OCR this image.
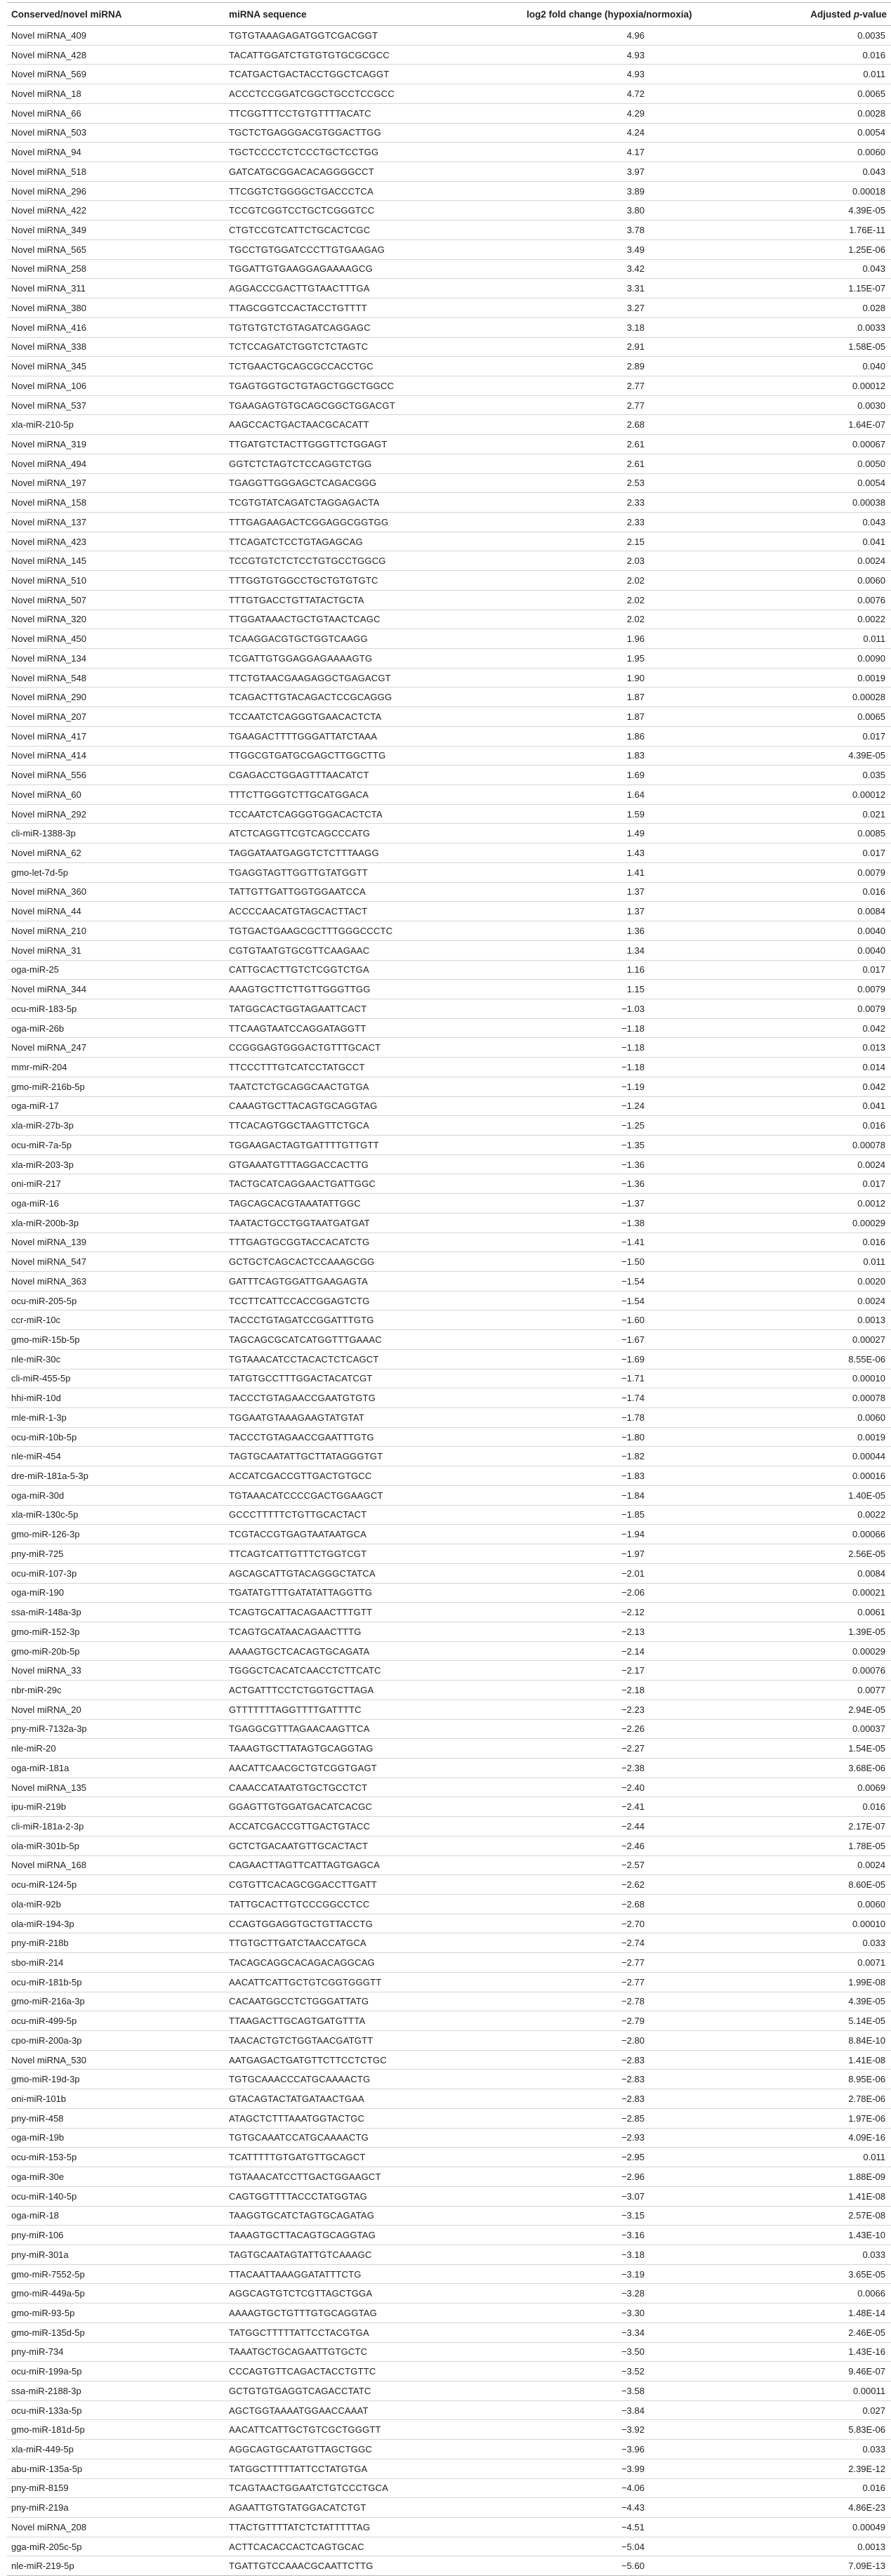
Conserved/novel miRNA	miRNA sequence	log2 fold change (hypoxia/normoxia)	Adjusted p-value
Novel miRNA_409	TGTGTAAAGAGATGGTCGACGGT	4.96	0.0035
Novel miRNA_428	TACATTGGATCTGTGTGTGCGCGCC	4.93	0.016
Novel miRNA_569	TCATGACTGACTACCTGGCTCAGGT	4.93	0.011
Novel miRNA_18	ACCCTCCGGATCGGCTGCCTCCGCC	4.72	0.0065
Novel miRNA_66	TTCGGTTTCCTGTGTTTTACATC	4.29	0.0028
Novel miRNA_503	TGCTCTGAGGGACGTGGACTTGG	4.24	0.0054
Novel miRNA_94	TGCTCCCCTCTCCCTGCTCCTGG	4.17	0.0060
Novel miRNA_518	GATCATGCGGACACAGGGGCCT	3.97	0.043
Novel miRNA_296	TTCGGTCTGGGGCTGACCCTCA	3.89	0.00018
Novel miRNA_422	TCCGTCGGTCCTGCTCGGGTCC	3.80	4.39E-05
Novel miRNA_349	CTGTCCGTCATTCTGCACTCGC	3.78	1.76E-11
Novel miRNA_565	TGCCTGTGGATCCCTTGTGAAGAG	3.49	1.25E-06
Novel miRNA_258	TGGATTGTGAAGGAGAAAAGCG	3.42	0.043
Novel miRNA_311	AGGACCCGACTTGTAACTTTGA	3.31	1.15E-07
Novel miRNA_380	TTAGCGGTCCACTACCTGTTTT	3.27	0.028
Novel miRNA_416	TGTGTGTCTGTAGATCAGGAGC	3.18	0.0033
Novel miRNA_338	TCTCCAGATCTGGTCTCTAGTC	2.91	1.58E-05
Novel miRNA_345	TCTGAACTGCAGCGCCACCTGC	2.89	0.040
Novel miRNA_106	TGAGTGGTGCTGTAGCTGGCTGGCC	2.77	0.00012
Novel miRNA_537	TGAAGAGTGTGCAGCGGCTGGACGT	2.77	0.0030
xla-miR-210-5p	AAGCCACTGACTAACGCACATT	2.68	1.64E-07
Novel miRNA_319	TTGATGTCTACTTGGGTTCTGGAGT	2.61	0.00067
Novel miRNA_494	GGTCTCTAGTCTCCAGGTCTGG	2.61	0.0050
Novel miRNA_197	TGAGGTTGGGAGCTCAGACGGG	2.53	0.0054
Novel miRNA_158	TCGTGTATCAGATCTAGGAGACTA	2.33	0.00038
Novel miRNA_137	TTTGAGAAGACTCGGAGGCGGTGG	2.33	0.043
Novel miRNA_423	TTCAGATCTCCTGTAGAGCAG	2.15	0.041
Novel miRNA_145	TCCGTGTCTCTCCTGTGCCTGGCG	2.03	0.0024
Novel miRNA_510	TTTGGTGTGGCCTGCTGTGTGTC	2.02	0.0060
Novel miRNA_507	TTTGTGACCTGTTATACTGCTA	2.02	0.0076
Novel miRNA_320	TTGGATAAACTGCTGTAACTCAGC	2.02	0.0022
Novel miRNA_450	TCAAGGACGTGCTGGTCAAGG	1.96	0.011
Novel miRNA_134	TCGATTGTGGAGGAGAAAAGTG	1.95	0.0090
Novel miRNA_548	TTCTGTAACGAAGAGGCTGAGACGT	1.90	0.0019
Novel miRNA_290	TCAGACTTGTACAGACTCCGCAGGG	1.87	0.00028
Novel miRNA_207	TCCAATCTCAGGGTGAACACTCTA	1.87	0.0065
Novel miRNA_417	TGAAGACTTTTGGGATTATCTAAA	1.86	0.017
Novel miRNA_414	TTGGCGTGATGCGAGCTTGGCTTG	1.83	4.39E-05
Novel miRNA_556	CGAGACCTGGAGTTTAACATCT	1.69	0.035
Novel miRNA_60	TTTCTTGGGTCTTGCATGGACA	1.64	0.00012
Novel miRNA_292	TCCAATCTCAGGGTGGACACTCTA	1.59	0.021
cli-miR-1388-3p	ATCTCAGGTTCGTCAGCCCATG	1.49	0.0085
Novel miRNA_62	TAGGATAATGAGGTCTCTTTAAGG	1.43	0.017
gmo-let-7d-5p	TGAGGTAGTTGGTTGTATGGTT	1.41	0.0079
Novel miRNA_360	TATTGTTGATTGGTGGAATCCA	1.37	0.016
Novel miRNA_44	ACCCCAACATGTAGCACTTACT	1.37	0.0084
Novel miRNA_210	TGTGACTGAAGCGCTTTGGGCCCTC	1.36	0.0040
Novel miRNA_31	CGTGTAATGTGCGTTCAAGAAC	1.34	0.0040
oga-miR-25	CATTGCACTTGTCTCGGTCTGA	1.16	0.017
Novel miRNA_344	AAAGTGCTTCTTGTTGGGTTGG	1.15	0.0079
ocu-miR-183-5p	TATGGCACTGGTAGAATTCACT	−1.03	0.0079
oga-miR-26b	TTCAAGTAATCCAGGATAGGTT	−1.18	0.042
Novel miRNA_247	CCGGGAGTGGGACTGTTTGCACT	−1.18	0.013
mmr-miR-204	TTCCCTTTGTCATCCTATGCCT	−1.18	0.014
gmo-miR-216b-5p	TAATCTCTGCAGGCAACTGTGA	−1.19	0.042
oga-miR-17	CAAAGTGCTTACAGTGCAGGTAG	−1.24	0.041
xla-miR-27b-3p	TTCACAGTGGCTAAGTTCTGCA	−1.25	0.016
ocu-miR-7a-5p	TGGAAGACTAGTGATTTTGTTGTT	−1.35	0.00078
xla-miR-203-3p	GTGAAATGTTTAGGACCACTTG	−1.36	0.0024
oni-miR-217	TACTGCATCAGGAACTGATTGGC	−1.36	0.017
oga-miR-16	TAGCAGCACGTAAATATTGGC	−1.37	0.0012
xla-miR-200b-3p	TAATACTGCCTGGTAATGATGAT	−1.38	0.00029
Novel miRNA_139	TTTGAGTGCGGTACCACATCTG	−1.41	0.016
Novel miRNA_547	GCTGCTCAGCACTCCAAAGCGG	−1.50	0.011
Novel miRNA_363	GATTTCAGTGGATTGAAGAGTA	−1.54	0.0020
ocu-miR-205-5p	TCCTTCATTCCACCGGAGTCTG	−1.54	0.0024
ccr-miR-10c	TACCCTGTAGATCCGGATTTGTG	−1.60	0.0013
gmo-miR-15b-5p	TAGCAGCGCATCATGGTTTGAAAC	−1.67	0.00027
nle-miR-30c	TGTAAACATCCTACACTCTCAGCT	−1.69	8.55E-06
cli-miR-455-5p	TATGTGCCTTTGGACTACATCGT	−1.71	0.00010
hhi-miR-10d	TACCCTGTAGAACCGAATGTGTG	−1.74	0.00078
mle-miR-1-3p	TGGAATGTAAAGAAGTATGTAT	−1.78	0.0060
ocu-miR-10b-5p	TACCCTGTAGAACCGAATTTGTG	−1.80	0.0019
nle-miR-454	TAGTGCAATATTGCTTATAGGGTGT	−1.82	0.00044
dre-miR-181a-5-3p	ACCATCGACCGTTGACTGTGCC	−1.83	0.00016
oga-miR-30d	TGTAAACATCCCCGACTGGAAGCT	−1.84	1.40E-05
xla-miR-130c-5p	GCCCTTTTTCTGTTGCACTACT	−1.85	0.0022
gmo-miR-126-3p	TCGTACCGTGAGTAATAATGCA	−1.94	0.00066
pny-miR-725	TTCAGTCATTGTTTCTGGTCGT	−1.97	2.56E-05
ocu-miR-107-3p	AGCAGCATTGTACAGGGCTATCA	−2.01	0.0084
oga-miR-190	TGATATGTTTGATATATTAGGTTG	−2.06	0.00021
ssa-miR-148a-3p	TCAGTGCATTACAGAACTTTGTT	−2.12	0.0061
gmo-miR-152-3p	TCAGTGCATAACAGAACTTTG	−2.13	1.39E-05
gmo-miR-20b-5p	AAAAGTGCTCACAGTGCAGATA	−2.14	0.00029
Novel miRNA_33	TGGGCTCACATCAACCTCTTCATC	−2.17	0.00076
nbr-miR-29c	ACTGATTTCCTCTGGTGCTTAGA	−2.18	0.0077
Novel miRNA_20	GTTTTTTTAGGTTTTGATTTTC	−2.23	2.94E-05
pny-miR-7132a-3p	TGAGGCGTTTAGAACAAGTTCA	−2.26	0.00037
nle-miR-20	TAAAGTGCTTATAGTGCAGGTAG	−2.27	1.54E-05
oga-miR-181a	AACATTCAACGCTGTCGGTGAGT	−2.38	3.68E-06
Novel miRNA_135	CAAACCATAATGTGCTGCCTCT	−2.40	0.0069
ipu-miR-219b	GGAGTTGTGGATGACATCACGC	−2.41	0.016
cli-miR-181a-2-3p	ACCATCGACCGTTGACTGTACC	−2.44	2.17E-07
ola-miR-301b-5p	GCTCTGACAATGTTGCACTACT	−2.46	1.78E-05
Novel miRNA_168	CAGAACTTAGTTCATTAGTGAGCA	−2.57	0.0024
ocu-miR-124-5p	CGTGTTCACAGCGGACCTTGATT	−2.62	8.60E-05
ola-miR-92b	TATTGCACTTGTCCCGGCCTCC	−2.68	0.0060
ola-miR-194-3p	CCAGTGGAGGTGCTGTTACCTG	−2.70	0.00010
pny-miR-218b	TTGTGCTTGATCTAACCATGCA	−2.74	0.033
sbo-miR-214	TACAGCAGGCACAGACAGGCAG	−2.77	0.0071
ocu-miR-181b-5p	AACATTCATTGCTGTCGGTGGGTT	−2.77	1.99E-08
gmo-miR-216a-3p	CACAATGGCCTCTGGGATTATG	−2.78	4.39E-05
ocu-miR-499-5p	TTAAGACTTGCAGTGATGTTTA	−2.79	5.14E-05
cpo-miR-200a-3p	TAACACTGTCTGGTAACGATGTT	−2.80	8.84E-10
Novel miRNA_530	AATGAGACTGATGTTCTTCCTCTGC	−2.83	1.41E-08
gmo-miR-19d-3p	TGTGCAAACCCATGCAAAACTG	−2.83	8.95E-06
oni-miR-101b	GTACAGTACTATGATAACTGAA	−2.83	2.78E-06
pny-miR-458	ATAGCTCTTTAAATGGTACTGC	−2.85	1.97E-06
oga-miR-19b	TGTGCAAATCCATGCAAAACTG	−2.93	4.09E-16
ocu-miR-153-5p	TCATTTTTGTGATGTTGCAGCT	−2.95	0.011
oga-miR-30e	TGTAAACATCCTTGACTGGAAGCT	−2.96	1.88E-09
ocu-miR-140-5p	CAGTGGTTTTACCCTATGGTAG	−3.07	1.41E-08
oga-miR-18	TAAGGTGCATCTAGTGCAGATAG	−3.15	2.57E-08
pny-miR-106	TAAAGTGCTTACAGTGCAGGTAG	−3.16	1.43E-10
pny-miR-301a	TAGTGCAATAGTATTGTCAAAGC	−3.18	0.033
gmo-miR-7552-5p	TTACAATTAAAGGATATTTCTG	−3.19	3.65E-05
gmo-miR-449a-5p	AGGCAGTGTCTCGTTAGCTGGA	−3.28	0.0066
gmo-miR-93-5p	AAAAGTGCTGTTTGTGCAGGTAG	−3.30	1.48E-14
gmo-miR-135d-5p	TATGGCTTTTTATTCCTACGTGA	−3.34	2.46E-05
pny-miR-734	TAAATGCTGCAGAATTGTGCTC	−3.50	1.43E-16
ocu-miR-199a-5p	CCCAGTGTTCAGACTACCTGTTC	−3.52	9.46E-07
ssa-miR-2188-3p	GCTGTGTGAGGTCAGACCTATC	−3.58	0.00011
ocu-miR-133a-5p	AGCTGGTAAAATGGAACCAAAT	−3.84	0.027
gmo-miR-181d-5p	AACATTCATTGCTGTCGCTGGGTT	−3.92	5.83E-06
xla-miR-449-5p	AGGCAGTGCAATGTTAGCTGGC	−3.96	0.033
abu-miR-135a-5p	TATGGCTTTTTATTCCTATGTGA	−3.99	2.39E-12
pny-miR-8159	TCAGTAACTGGAATCTGTCCCTGCA	−4.06	0.016
pny-miR-219a	AGAATTGTGTATGGACATCTGT	−4.43	4.86E-23
Novel miRNA_208	TTACTGTTTTATCTCTATTTTTAG	−4.51	0.00049
gga-miR-205c-5p	ACTTCACACCACTCAGTGCAC	−5.04	0.0013
nle-miR-219-5p	TGATTGTCCAAACGCAATTCTTG	−5.60	7.09E-13
